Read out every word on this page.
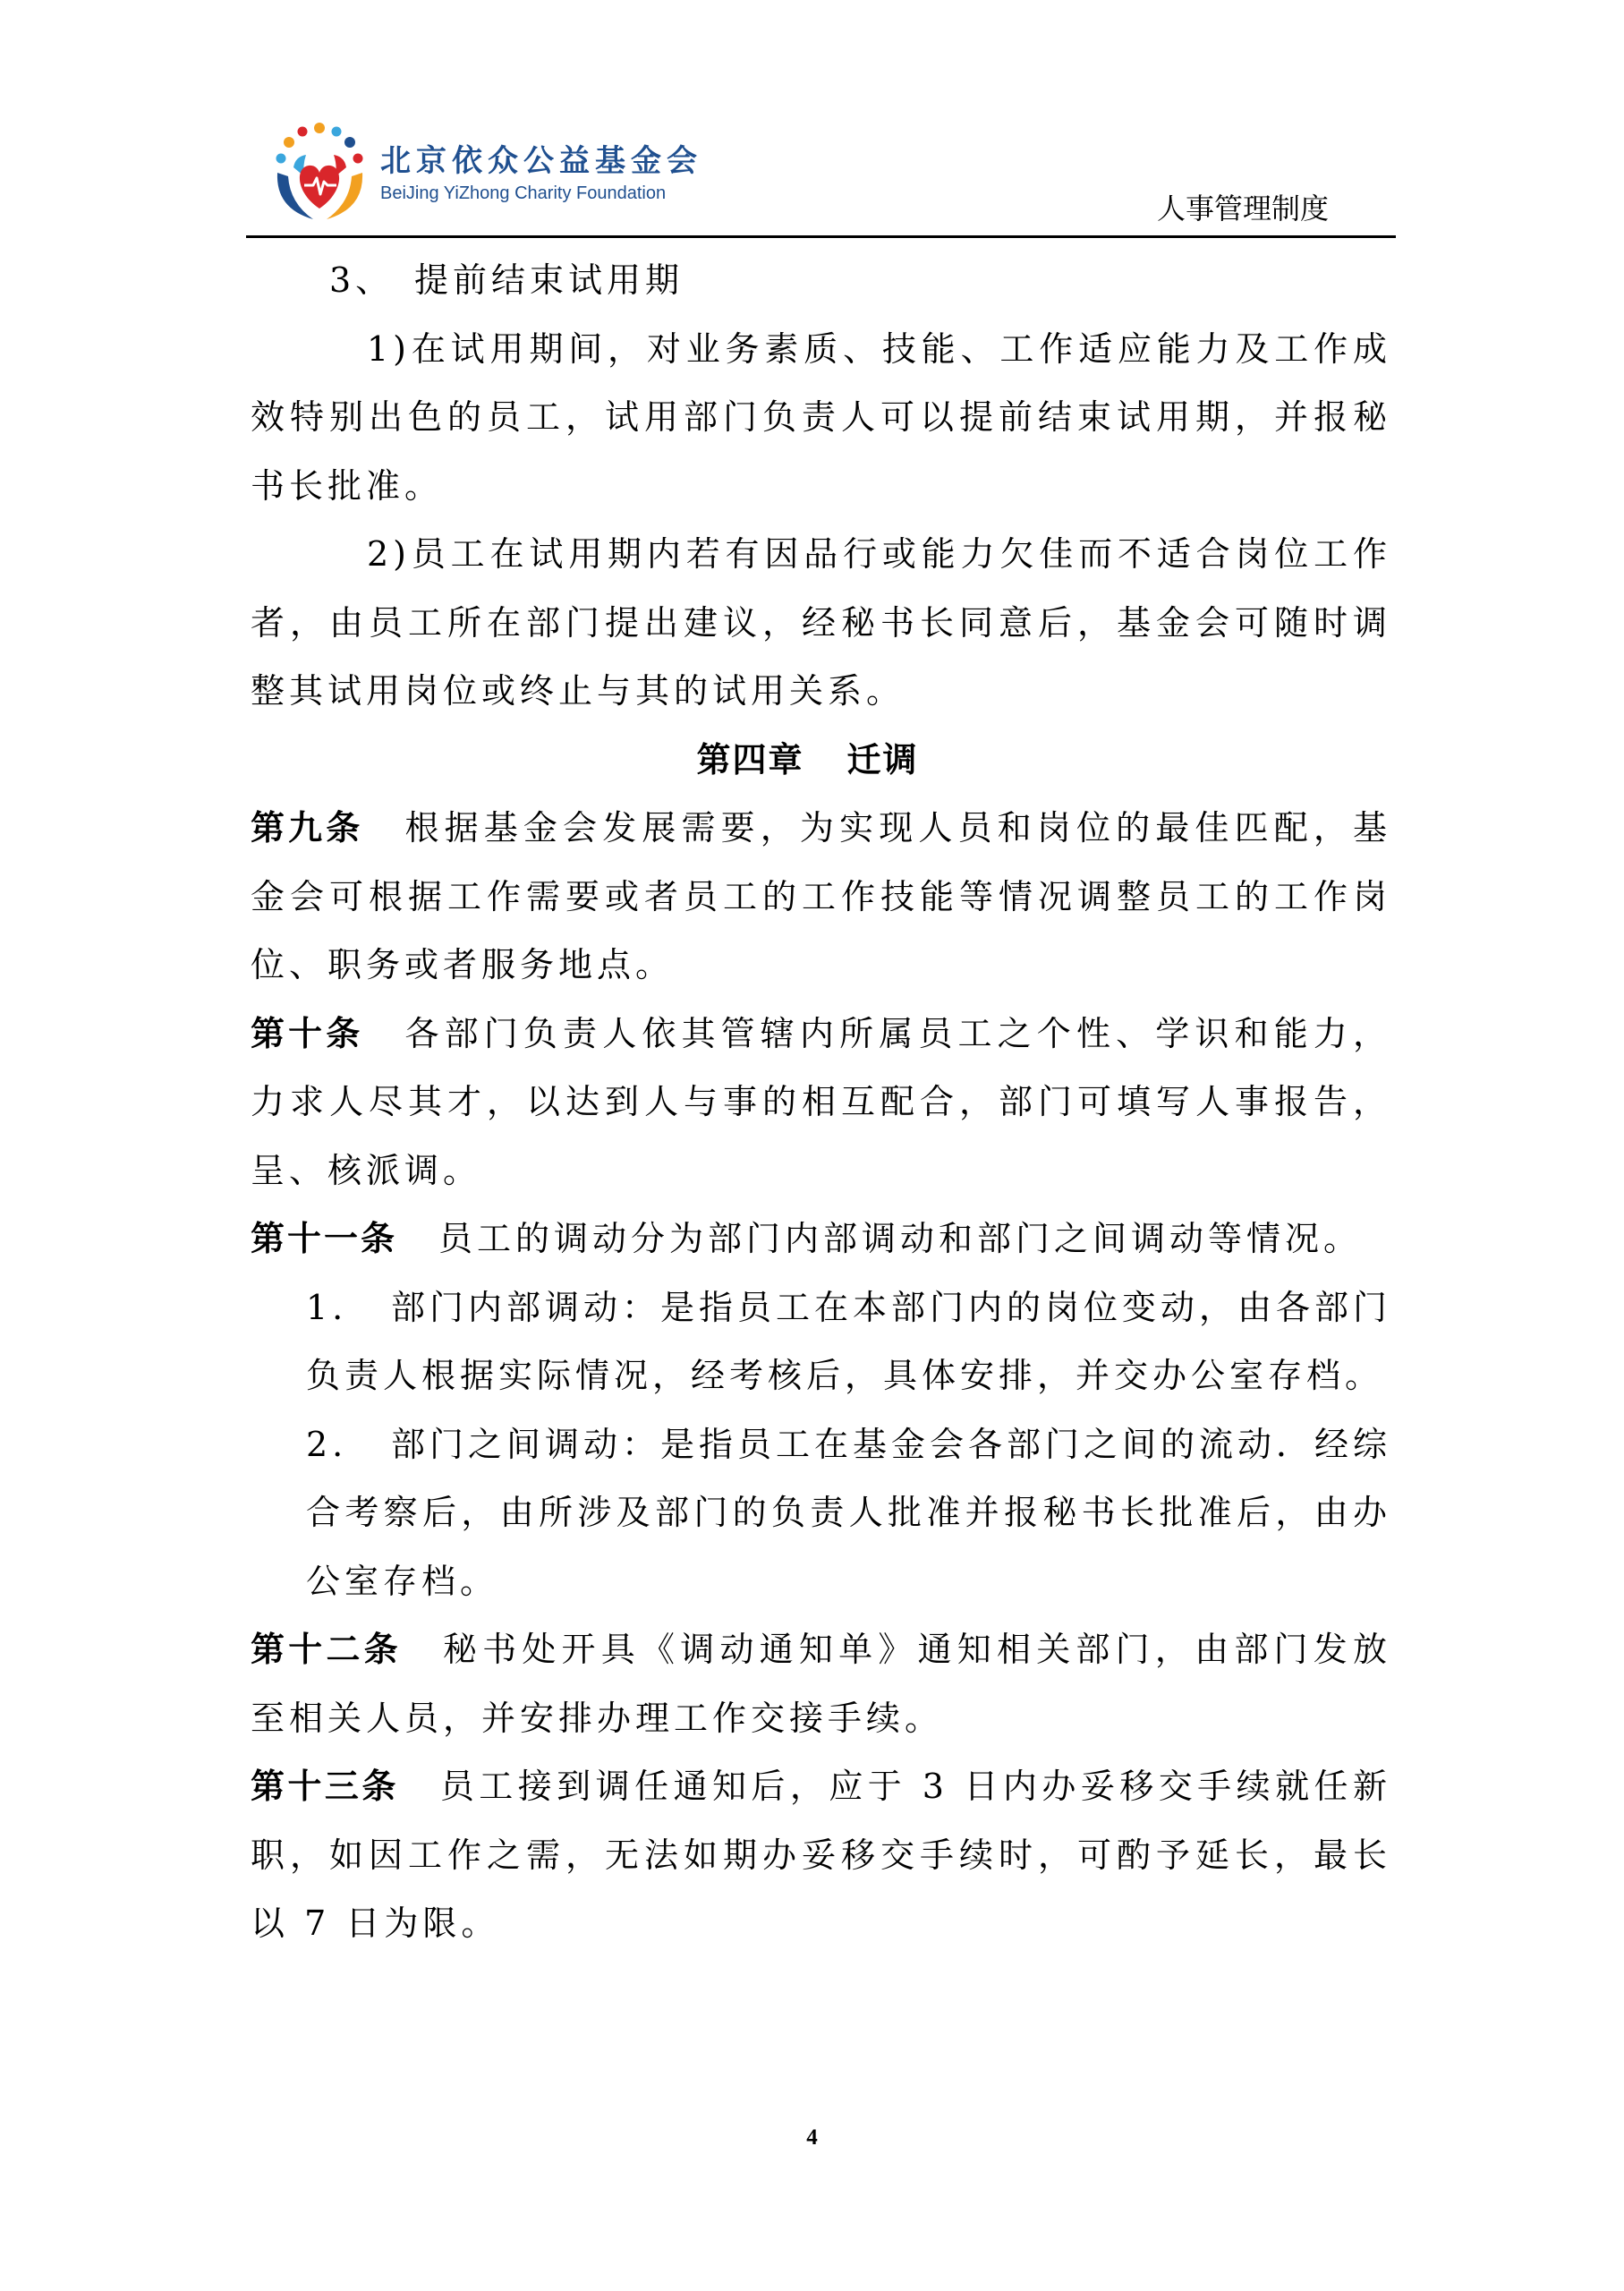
北京依众公益基金会
BeiJing YiZhong Charity Foundation	人事管理制度

3、 提前结束试用期

1)在试用期间，对业务素质、技能、工作适应能力及工作成效特别出色的员工，试用部门负责人可以提前结束试用期，并报秘书长批准。

2)员工在试用期内若有因品行或能力欠佳而不适合岗位工作者，由员工所在部门提出建议，经秘书长同意后，基金会可随时调整其试用岗位或终止与其的试用关系。

第四章 迁调

第九条 根据基金会发展需要，为实现人员和岗位的最佳匹配，基金会可根据工作需要或者员工的工作技能等情况调整员工的工作岗位、职务或者服务地点。

第十条 各部门负责人依其管辖内所属员工之个性、学识和能力，力求人尽其才，以达到人与事的相互配合，部门可填写人事报告，呈、核派调。

第十一条 员工的调动分为部门内部调动和部门之间调动等情况。

1. 部门内部调动：是指员工在本部门内的岗位变动，由各部门负责人根据实际情况，经考核后，具体安排，并交办公室存档。

2. 部门之间调动：是指员工在基金会各部门之间的流动．经综合考察后，由所涉及部门的负责人批准并报秘书长批准后，由办公室存档。

第十二条 秘书处开具《调动通知单》通知相关部门，由部门发放至相关人员，并安排办理工作交接手续。

第十三条 员工接到调任通知后，应于 3 日内办妥移交手续就任新职，如因工作之需，无法如期办妥移交手续时，可酌予延长，最长以 7 日为限。

4
